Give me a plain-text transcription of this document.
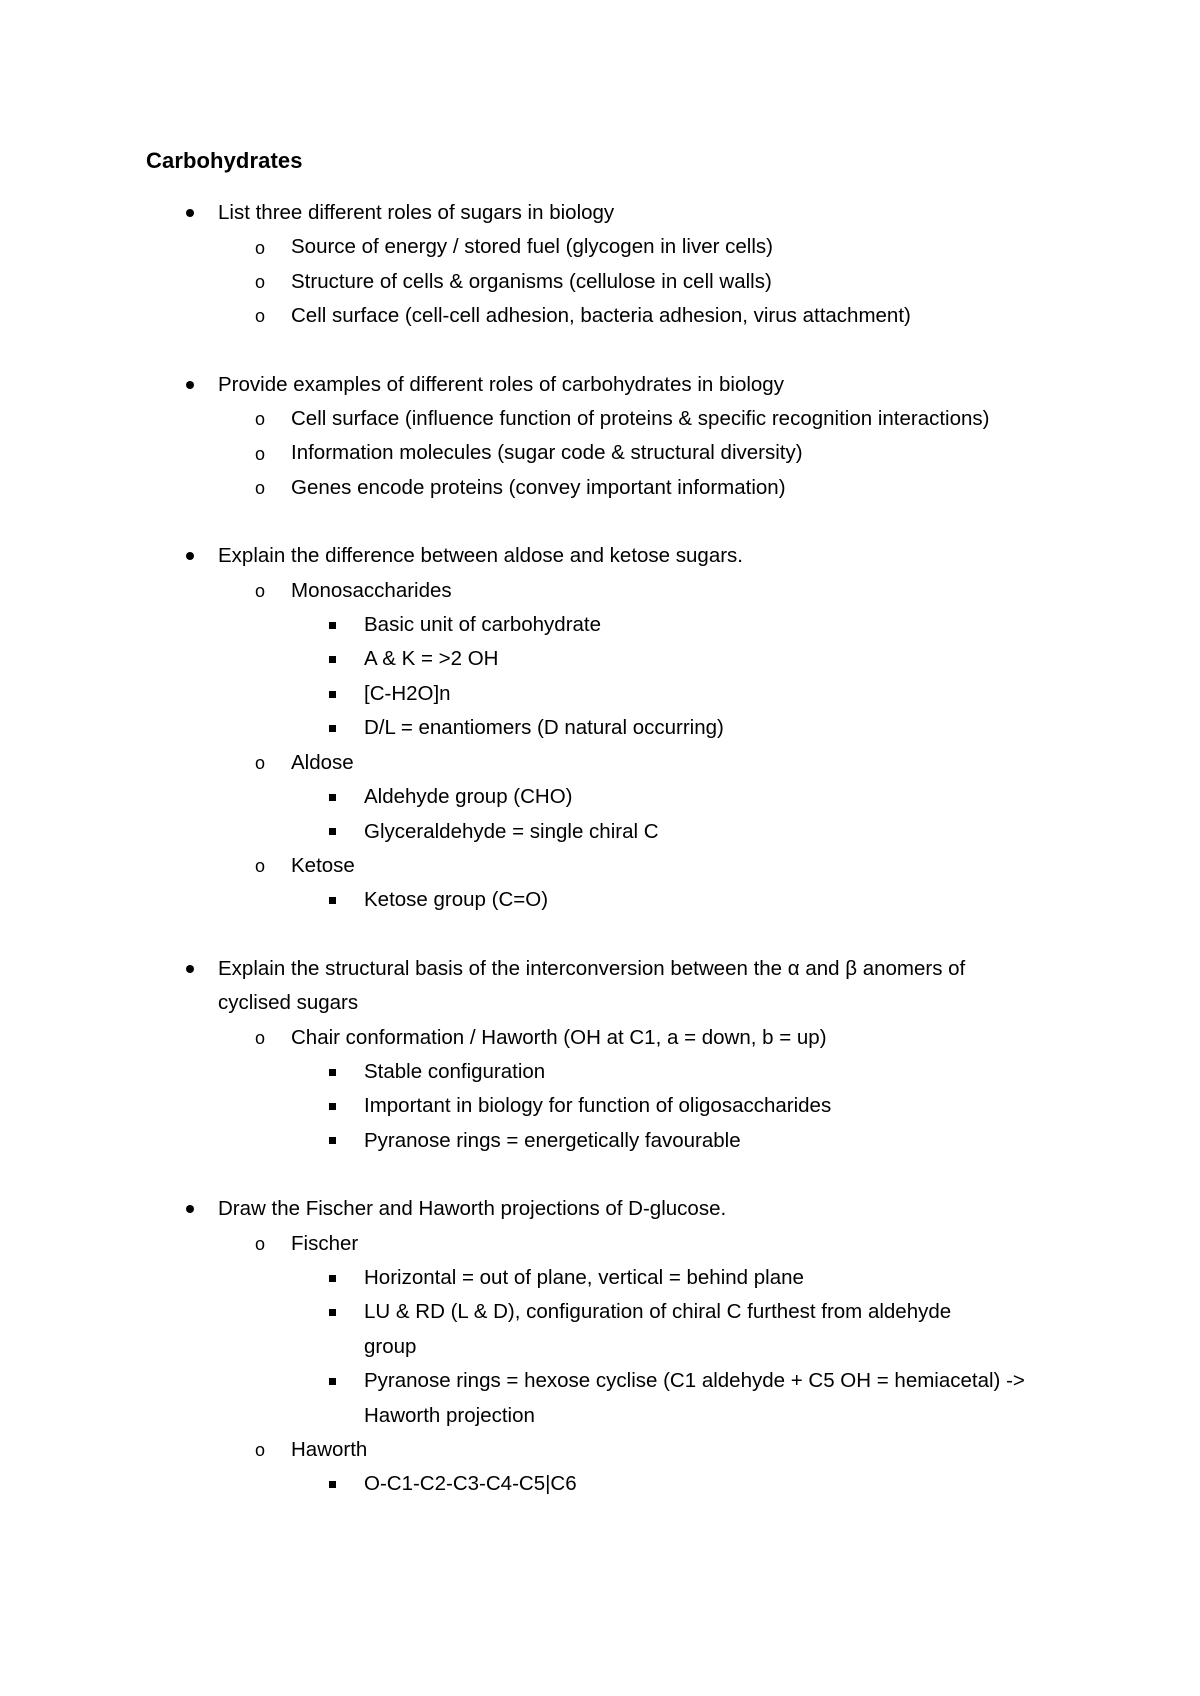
Carbohydrates
List three different roles of sugars in biology
o Source of energy / stored fuel (glycogen in liver cells)
o Structure of cells & organisms (cellulose in cell walls)
o Cell surface (cell-cell adhesion, bacteria adhesion, virus attachment)
Provide examples of different roles of carbohydrates in biology
o Cell surface (influence function of proteins & specific recognition interactions)
o Information molecules (sugar code & structural diversity)
o Genes encode proteins (convey important information)
Explain the difference between aldose and ketose sugars.
o Monosaccharides
Basic unit of carbohydrate
A & K = >2 OH
[C-H2O]n
D/L = enantiomers (D natural occurring)
o Aldose
Aldehyde group (CHO)
Glyceraldehyde = single chiral C
o Ketose
Ketose group (C=O)
Explain the structural basis of the interconversion between the α and β anomers of
cyclised sugars
o Chair conformation / Haworth (OH at C1, a = down, b = up)
Stable configuration
Important in biology for function of oligosaccharides
Pyranose rings = energetically favourable
Draw the Fischer and Haworth projections of D-glucose.
o Fischer
Horizontal = out of plane, vertical = behind plane
LU & RD (L & D), configuration of chiral C furthest from aldehyde
group
Pyranose rings = hexose cyclise (C1 aldehyde + C5 OH = hemiacetal) ->
Haworth projection
o Haworth
O-C1-C2-C3-C4-C5|C6
